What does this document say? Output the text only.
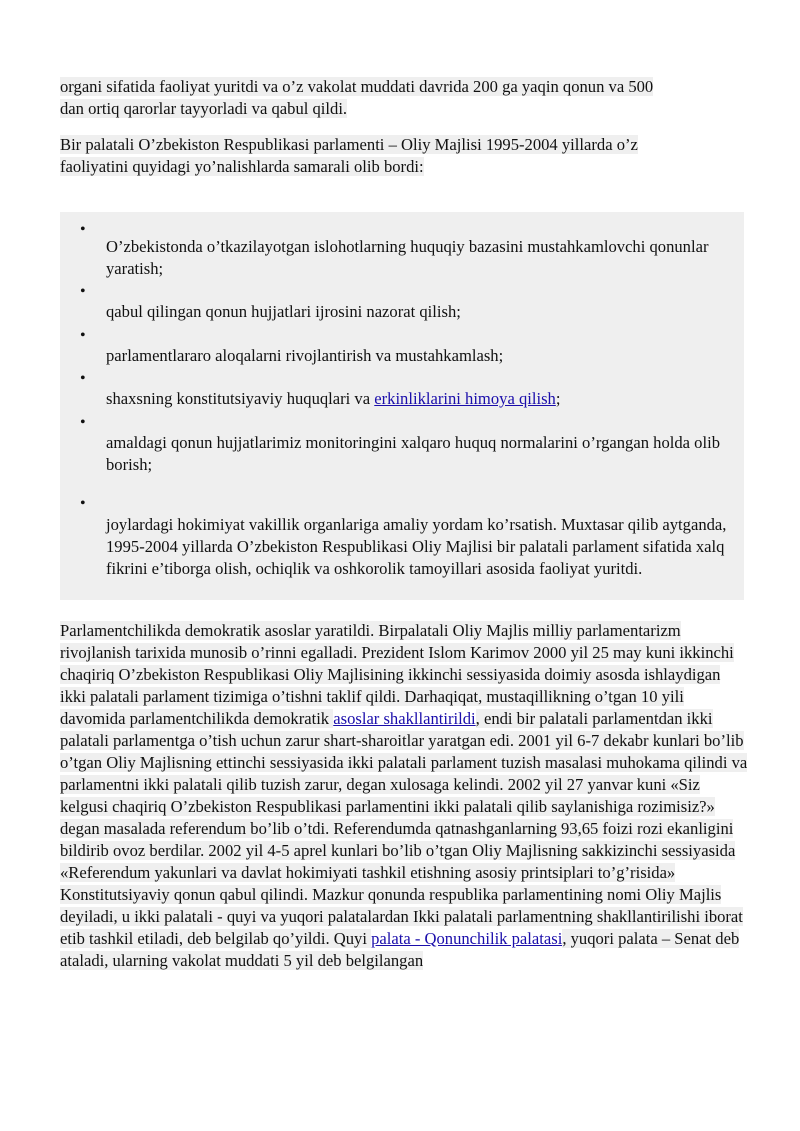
organi sifatida faoliyat yuritdi va o’z vakolat muddati davrida 200 ga yaqin qonun va 500
dan ortiq qarorlar tayyorladi va qabul qildi.

Bir palatali O’zbekiston Respublikasi parlamenti – Oliy Majlisi 1995-2004 yillarda o’z
faoliyatini quyidagi yo’nalishlarda samarali olib bordi:

•

O’zbekistonda o’tkazilayotgan islohotlarning huquqiy bazasini mustahkamlovchi qonunlar yaratish;

•

qabul qilingan qonun hujjatlari ijrosini nazorat qilish;

•

parlamentlararo aloqalarni rivojlantirish va mustahkamlash;

•

shaxsning konstitutsiyaviy huquqlari va erkinliklarini himoya qilish;

•

amaldagi qonun hujjatlarimiz monitoringini xalqaro huquq normalarini o’rgangan holda olib borish;

•

joylardagi hokimiyat vakillik organlariga amaliy yordam ko’rsatish. Muxtasar qilib aytganda, 1995-2004 yillarda O’zbekiston Respublikasi Oliy Majlisi bir palatali parlament sifatida xalq fikrini e’tiborga olish, ochiqlik va oshkorolik tamoyillari asosida faoliyat yuritdi.

Parlamentchilikda demokratik asoslar yaratildi. Birpalatali Oliy Majlis milliy parlamentarizm rivojlanish tarixida munosib o’rinni egalladi. Prezident Islom Karimov 2000 yil 25 may kuni ikkinchi chaqiriq O’zbekiston Respublikasi Oliy Majlisining ikkinchi sessiyasida doimiy asosda ishlaydigan ikki palatali parlament tizimiga o’tishni taklif qildi. Darhaqiqat, mustaqillikning o’tgan 10 yili davomida parlamentchilikda demokratik asoslar shakllantirildi, endi bir palatali parlamentdan ikki palatali parlamentga o’tish uchun zarur shart-sharoitlar yaratgan edi. 2001 yil 6-7 dekabr kunlari bo’lib o’tgan Oliy Majlisning ettinchi sessiyasida ikki palatali parlament tuzish masalasi muhokama qilindi va parlamentni ikki palatali qilib tuzish zarur, degan xulosaga kelindi. 2002 yil 27 yanvar kuni «Siz kelgusi chaqiriq O’zbekiston Respublikasi parlamentini ikki palatali qilib saylanishiga rozimisiz?» degan masalada referendum bo’lib o’tdi. Referendumda qatnashganlarning 93,65 foizi rozi ekanligini bildirib ovoz berdilar. 2002 yil 4-5 aprel kunlari bo’lib o’tgan Oliy Majlisning sakkizinchi sessiyasida «Referendum yakunlari va davlat hokimiyati tashkil etishning asosiy printsiplari to’g’risida» Konstitutsiyaviy qonun qabul qilindi. Mazkur qonunda respublika parlamentining nomi Oliy Majlis deyiladi, u ikki palatali - quyi va yuqori palatalardan Ikki palatali parlamentning shakllantirilishi iborat etib tashkil etiladi, deb belgilab qo’yildi. Quyi palata - Qonunchilik palatasi, yuqori palata – Senat deb ataladi, ularning vakolat muddati 5 yil deb belgilangan
